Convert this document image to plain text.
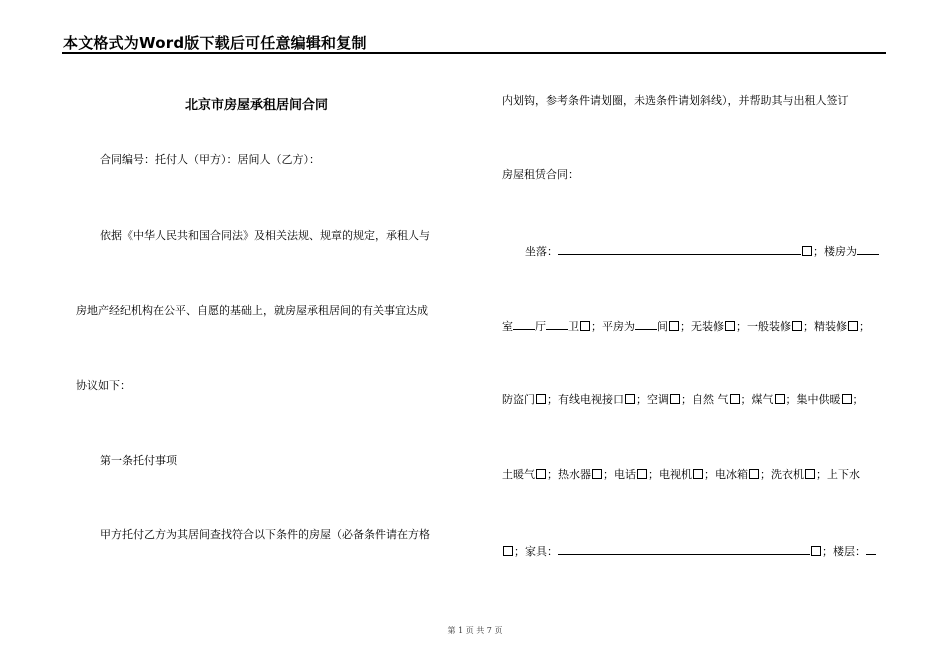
本文格式为Word版下载后可任意编辑和复制
北京市房屋承租居间合同
合同编号：托付人（甲方）：居间人（乙方）：
依据《中华人民共和国合同法》及相关法规、规章的规定，承租人与
房地产经纪机构在公平、自愿的基础上，就房屋承租居间的有关事宜达成
协议如下：
第一条托付事项
甲方托付乙方为其居间查找符合以下条件的房屋（必备条件请在方格
内划钩，参考条件请划圈，未选条件请划斜线），并帮助其与出租人签订
房屋租赁合同：
坐落：	；楼房为
室 厅 卫 ；平房为 间 ；无装修 ；一般装修 ；精装修 ；
防盗门 ；有线电视接口 ；空调 ；自然 气 ；煤气 ；集中供暖 ；
土暖气 ；热水器 ；电话 ；电视机 ；电冰箱 ；洗衣机 ；上下水
；家具：	；楼层：
第 1 页 共 7 页
